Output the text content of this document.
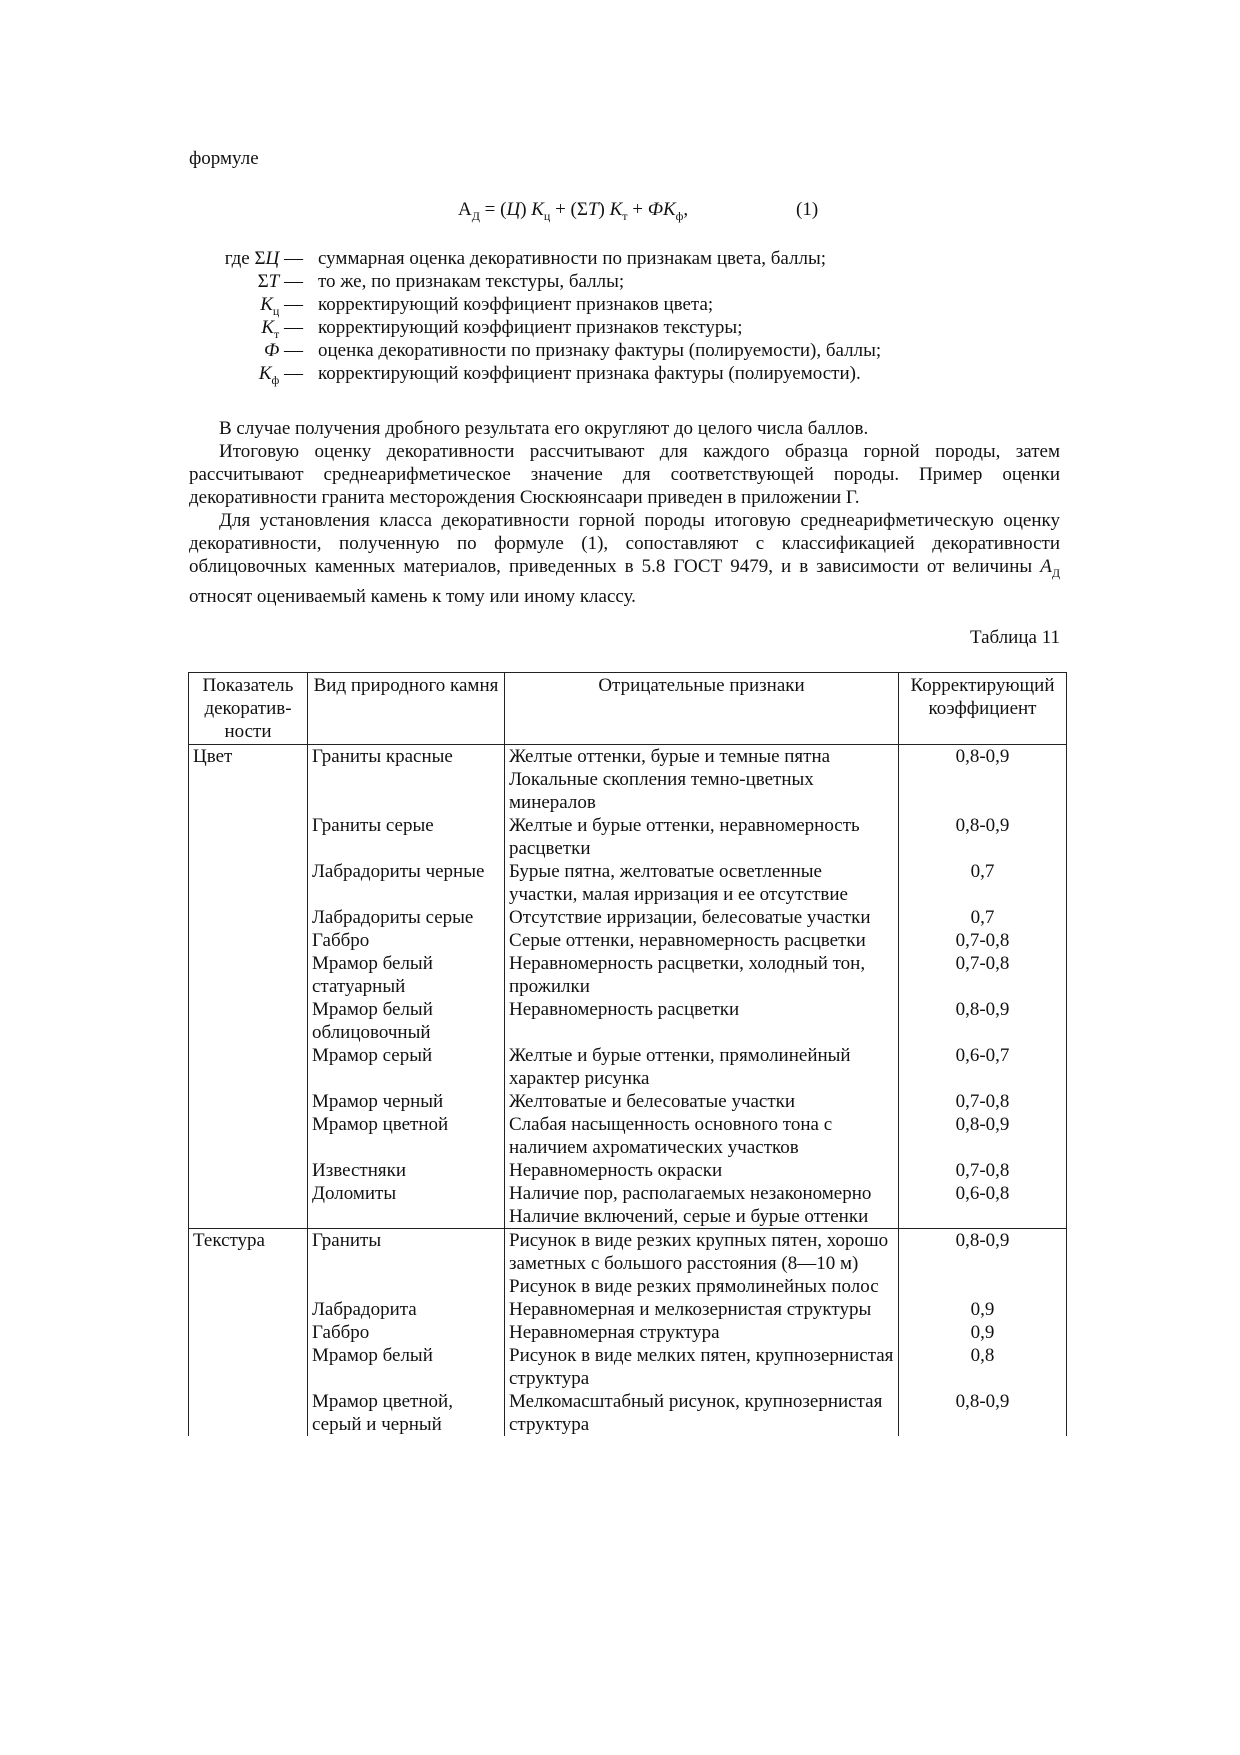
формуле
$А_Д = (Ц) К_ц + (\Sigma Т) К_т + ФК_ф$,	(1)
где ΣЦ — суммарная оценка декоративности по признакам цвета, баллы;
ΣТ — то же, по признакам текстуры, баллы;
$К_ц$ — корректирующий коэффициент признаков цвета;
$К_т$ — корректирующий коэффициент признаков текстуры;
Ф — оценка декоративности по признаку фактуры (полируемости), баллы;
$К_ф$ — корректирующий коэффициент признака фактуры (полируемости).

В случае получения дробного результата его округляют до целого числа баллов.

Итоговую оценку декоративности рассчитывают для каждого образца горной породы, затем рассчитывают среднеарифметическое значение для соответствующей породы. Пример оценки декоративности гранита месторождения Сюскюянсаари приведен в приложении Г.

Для установления класса декоративности горной породы итоговую среднеарифметическую оценку декоративности, полученную по формуле (1), сопоставляют с классификацией декоративности облицовочных каменных материалов, приведенных в 5.8 ГОСТ 9479, и в зависимости от величины $А_Д$ относят оцениваемый камень к тому или иному классу.

Таблица 11
Показатель декоратив-ности	Вид природного камня	Отрицательные признаки	Корректирующий коэффициент
Цвет	Граниты красные	Желтые оттенки, бурые и темные пятна	0,8-0,9
		Локальные скопления темно-цветных минералов	
	Граниты серые	Желтые и бурые оттенки, неравномерность расцветки	0,8-0,9
	Лабрадориты черные	Бурые пятна, желтоватые осветленные участки, малая ирризация и ее отсутствие	0,7
	Лабрадориты серые	Отсутствие ирризации, белесоватые участки	0,7
	Габбро	Серые оттенки, неравномерность расцветки	0,7-0,8
	Мрамор белый статуарный	Неравномерность расцветки, холодный тон, прожилки	0,7-0,8
	Мрамор белый облицовочный	Неравномерность расцветки	0,8-0,9
	Мрамор серый	Желтые и бурые оттенки, прямолинейный характер рисунка	0,6-0,7
	Мрамор черный	Желтоватые и белесоватые участки	0,7-0,8
	Мрамор цветной	Слабая насыщенность основного тона с наличием ахроматических участков	0,8-0,9
	Известняки	Неравномерность окраски	0,7-0,8
	Доломиты	Наличие пор, располагаемых незакономерно	0,6-0,8
		Наличие включений, серые и бурые оттенки	
Текстура	Граниты	Рисунок в виде резких крупных пятен, хорошо заметных с большого расстояния (8—10 м)	0,8-0,9
		Рисунок в виде резких прямолинейных полос	
	Лабрадорита	Неравномерная и мелкозернистая структуры	0,9
	Габбро	Неравномерная структура	0,9
	Мрамор белый	Рисунок в виде мелких пятен, крупнозернистая структура	0,8
	Мрамор цветной, серый и черный	Мелкомасштабный рисунок, крупнозернистая структура	0,8-0,9
